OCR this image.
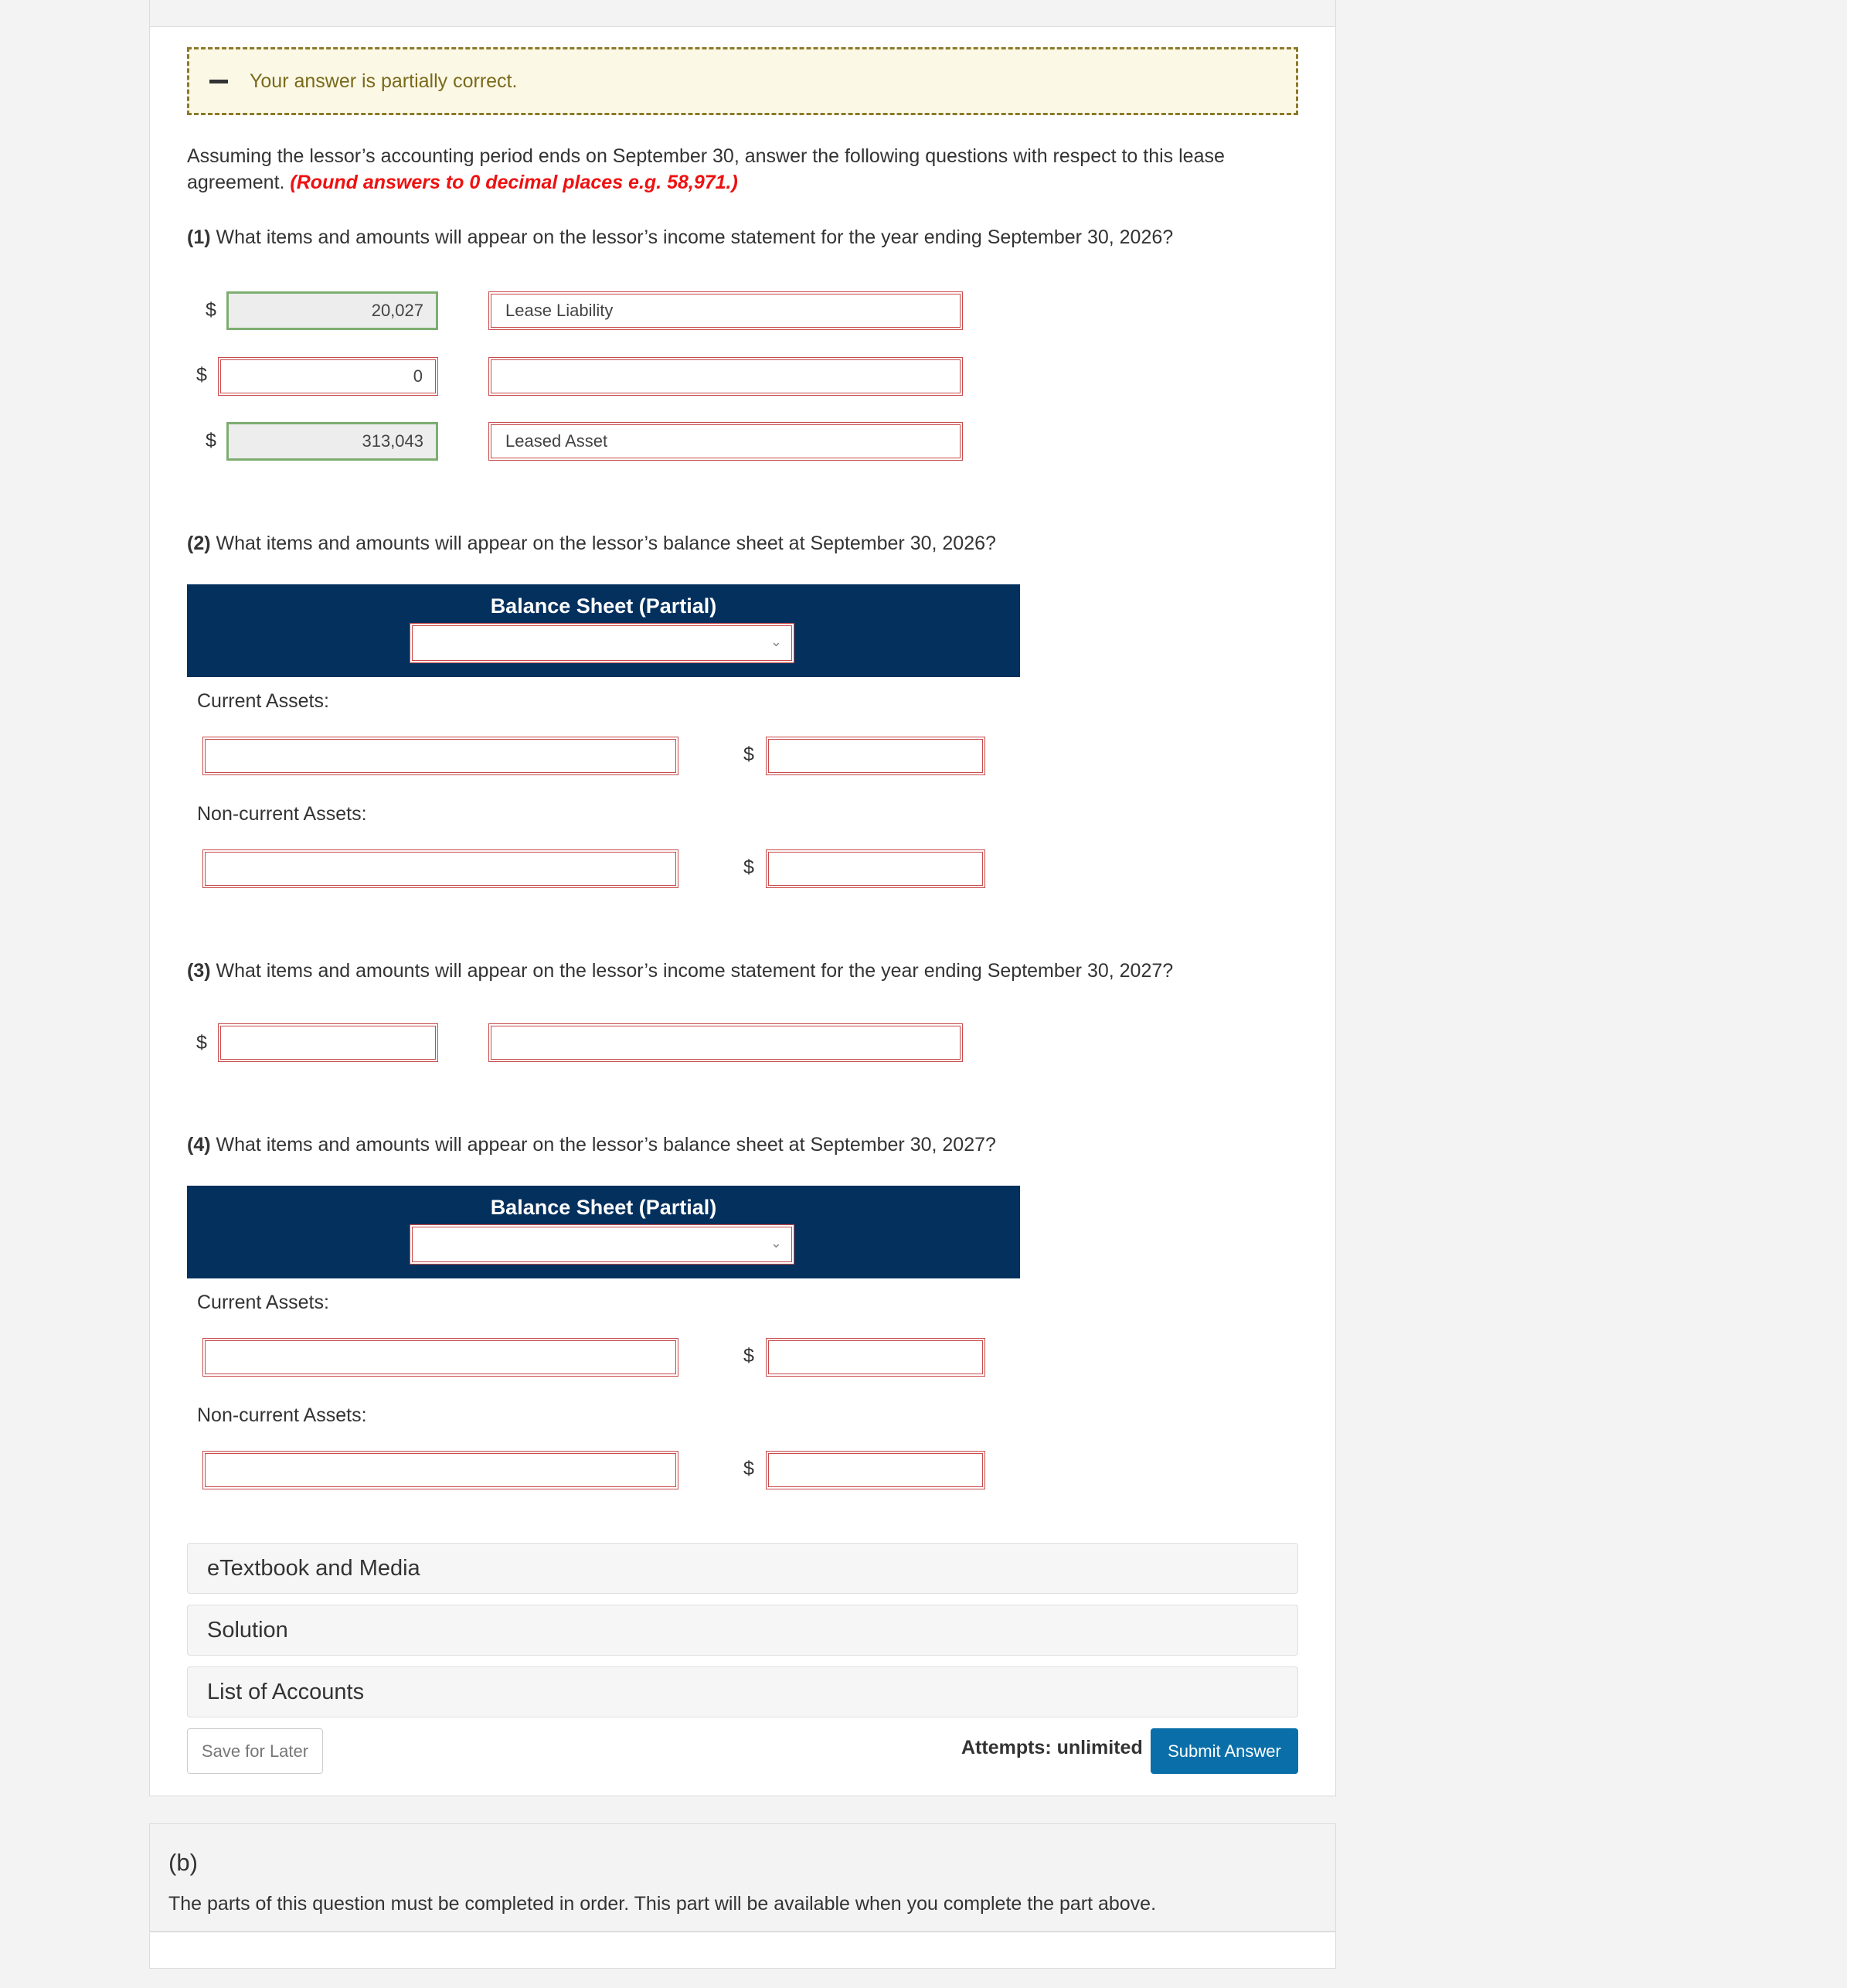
Your answer is partially correct.
Assuming the lessor’s accounting period ends on September 30, answer the following questions with respect to this lease
agreement. (Round answers to 0 decimal places e.g. 58,971.)
(1) What items and amounts will appear on the lessor’s income statement for the year ending September 30, 2026?
$	20,027	Lease Liability
$	0
$	313,043	Leased Asset
(2) What items and amounts will appear on the lessor’s balance sheet at September 30, 2026?
Balance Sheet (Partial)
⌄
Current Assets:
$
Non-current Assets:
$
(3) What items and amounts will appear on the lessor’s income statement for the year ending September 30, 2027?
$
(4) What items and amounts will appear on the lessor’s balance sheet at September 30, 2027?
Balance Sheet (Partial)
⌄
Current Assets:
$
Non-current Assets:
$
eTextbook and Media
Solution
List of Accounts
Save for Later	Attempts: unlimited	Submit Answer
(b)
The parts of this question must be completed in order. This part will be available when you complete the part above.
